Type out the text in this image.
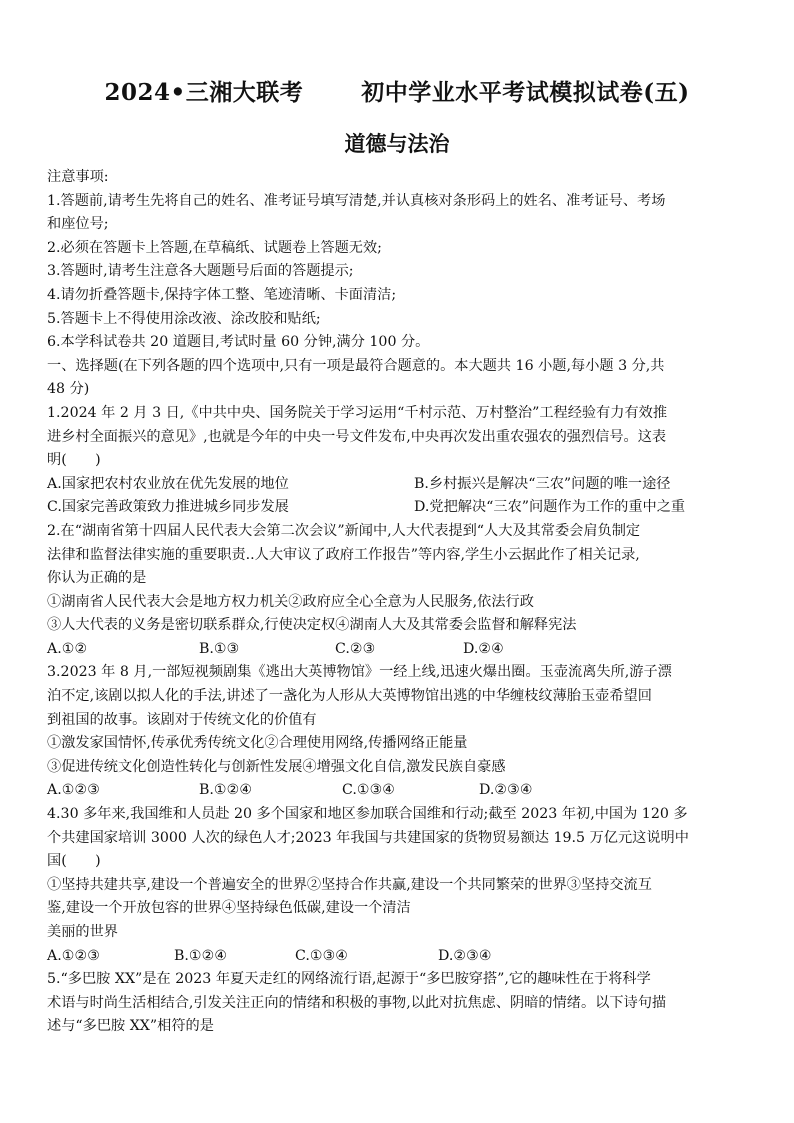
2024•三湘大联考	初中学业水平考试模拟试卷(五)
道德与法治
注意事项:
1.答题前,请考生先将自己的姓名、准考证号填写清楚,并认真核对条形码上的姓名、准考证号、考场
和座位号;
2.必须在答题卡上答题,在草稿纸、试题卷上答题无效;
3.答题时,请考生注意各大题题号后面的答题提示;
4.请勿折叠答题卡,保持字体工整、笔迹清晰、卡面清洁;
5.答题卡上不得使用涂改液、涂改胶和贴纸;
6.本学科试卷共 20 道题目,考试时量 60 分钟,满分 100 分。
一、选择题(在下列各题的四个选项中,只有一项是最符合题意的。本大题共 16 小题,每小题 3 分,共
48 分)
1.2024 年 2 月 3 日,《中共中央、国务院关于学习运用“千村示范、万村整治”工程经验有力有效推
进乡村全面振兴的意见》,也就是今年的中央一号文件发布,中央再次发出重农强农的强烈信号。这表
明(　　)
A.国家把农村农业放在优先发展的地位	B.乡村振兴是解决“三农”问题的唯一途径
C.国家完善政策致力推进城乡同步发展	D.党把解决“三农”问题作为工作的重中之重
2.在“湖南省第十四届人民代表大会第二次会议”新闻中,人大代表提到“人大及其常委会肩负制定
法律和监督法律实施的重要职责..人大审议了政府工作报告”等内容,学生小云据此作了相关记录,
你认为正确的是
①湖南省人民代表大会是地方权力机关②政府应全心全意为人民服务,依法行政
③人大代表的义务是密切联系群众,行使决定权④湖南人大及其常委会监督和解释宪法
A.①②	B.①③	C.②③	D.②④
3.2023 年 8 月,一部短视频剧集《逃出大英博物馆》一经上线,迅速火爆出圈。玉壶流离失所,游子漂
泊不定,该剧以拟人化的手法,讲述了一盏化为人形从大英博物馆出逃的中华缠枝纹薄胎玉壶希望回
到祖国的故事。该剧对于传统文化的价值有
①激发家国情怀,传承优秀传统文化②合理使用网络,传播网络正能量
③促进传统文化创造性转化与创新性发展④增强文化自信,激发民族自豪感
A.①②③	B.①②④	C.①③④	D.②③④
4.30 多年来,我国维和人员赴 20 多个国家和地区参加联合国维和行动;截至 2023 年初,中国为 120 多
个共建国家培训 3000 人次的绿色人才;2023 年我国与共建国家的货物贸易额达 19.5 万亿元这说明中
国(　　)
①坚持共建共享,建设一个普遍安全的世界②坚持合作共赢,建设一个共同繁荣的世界③坚持交流互
鉴,建设一个开放包容的世界④坚持绿色低碳,建设一个清洁
美丽的世界
A.①②③	B.①②④	C.①③④	D.②③④
5.“多巴胺 XX”是在 2023 年夏天走红的网络流行语,起源于“多巴胺穿搭”,它的趣味性在于将科学
术语与时尚生活相结合,引发关注正向的情绪和积极的事物,以此对抗焦虑、阴暗的情绪。以下诗句描
述与“多巴胺 XX”相符的是
